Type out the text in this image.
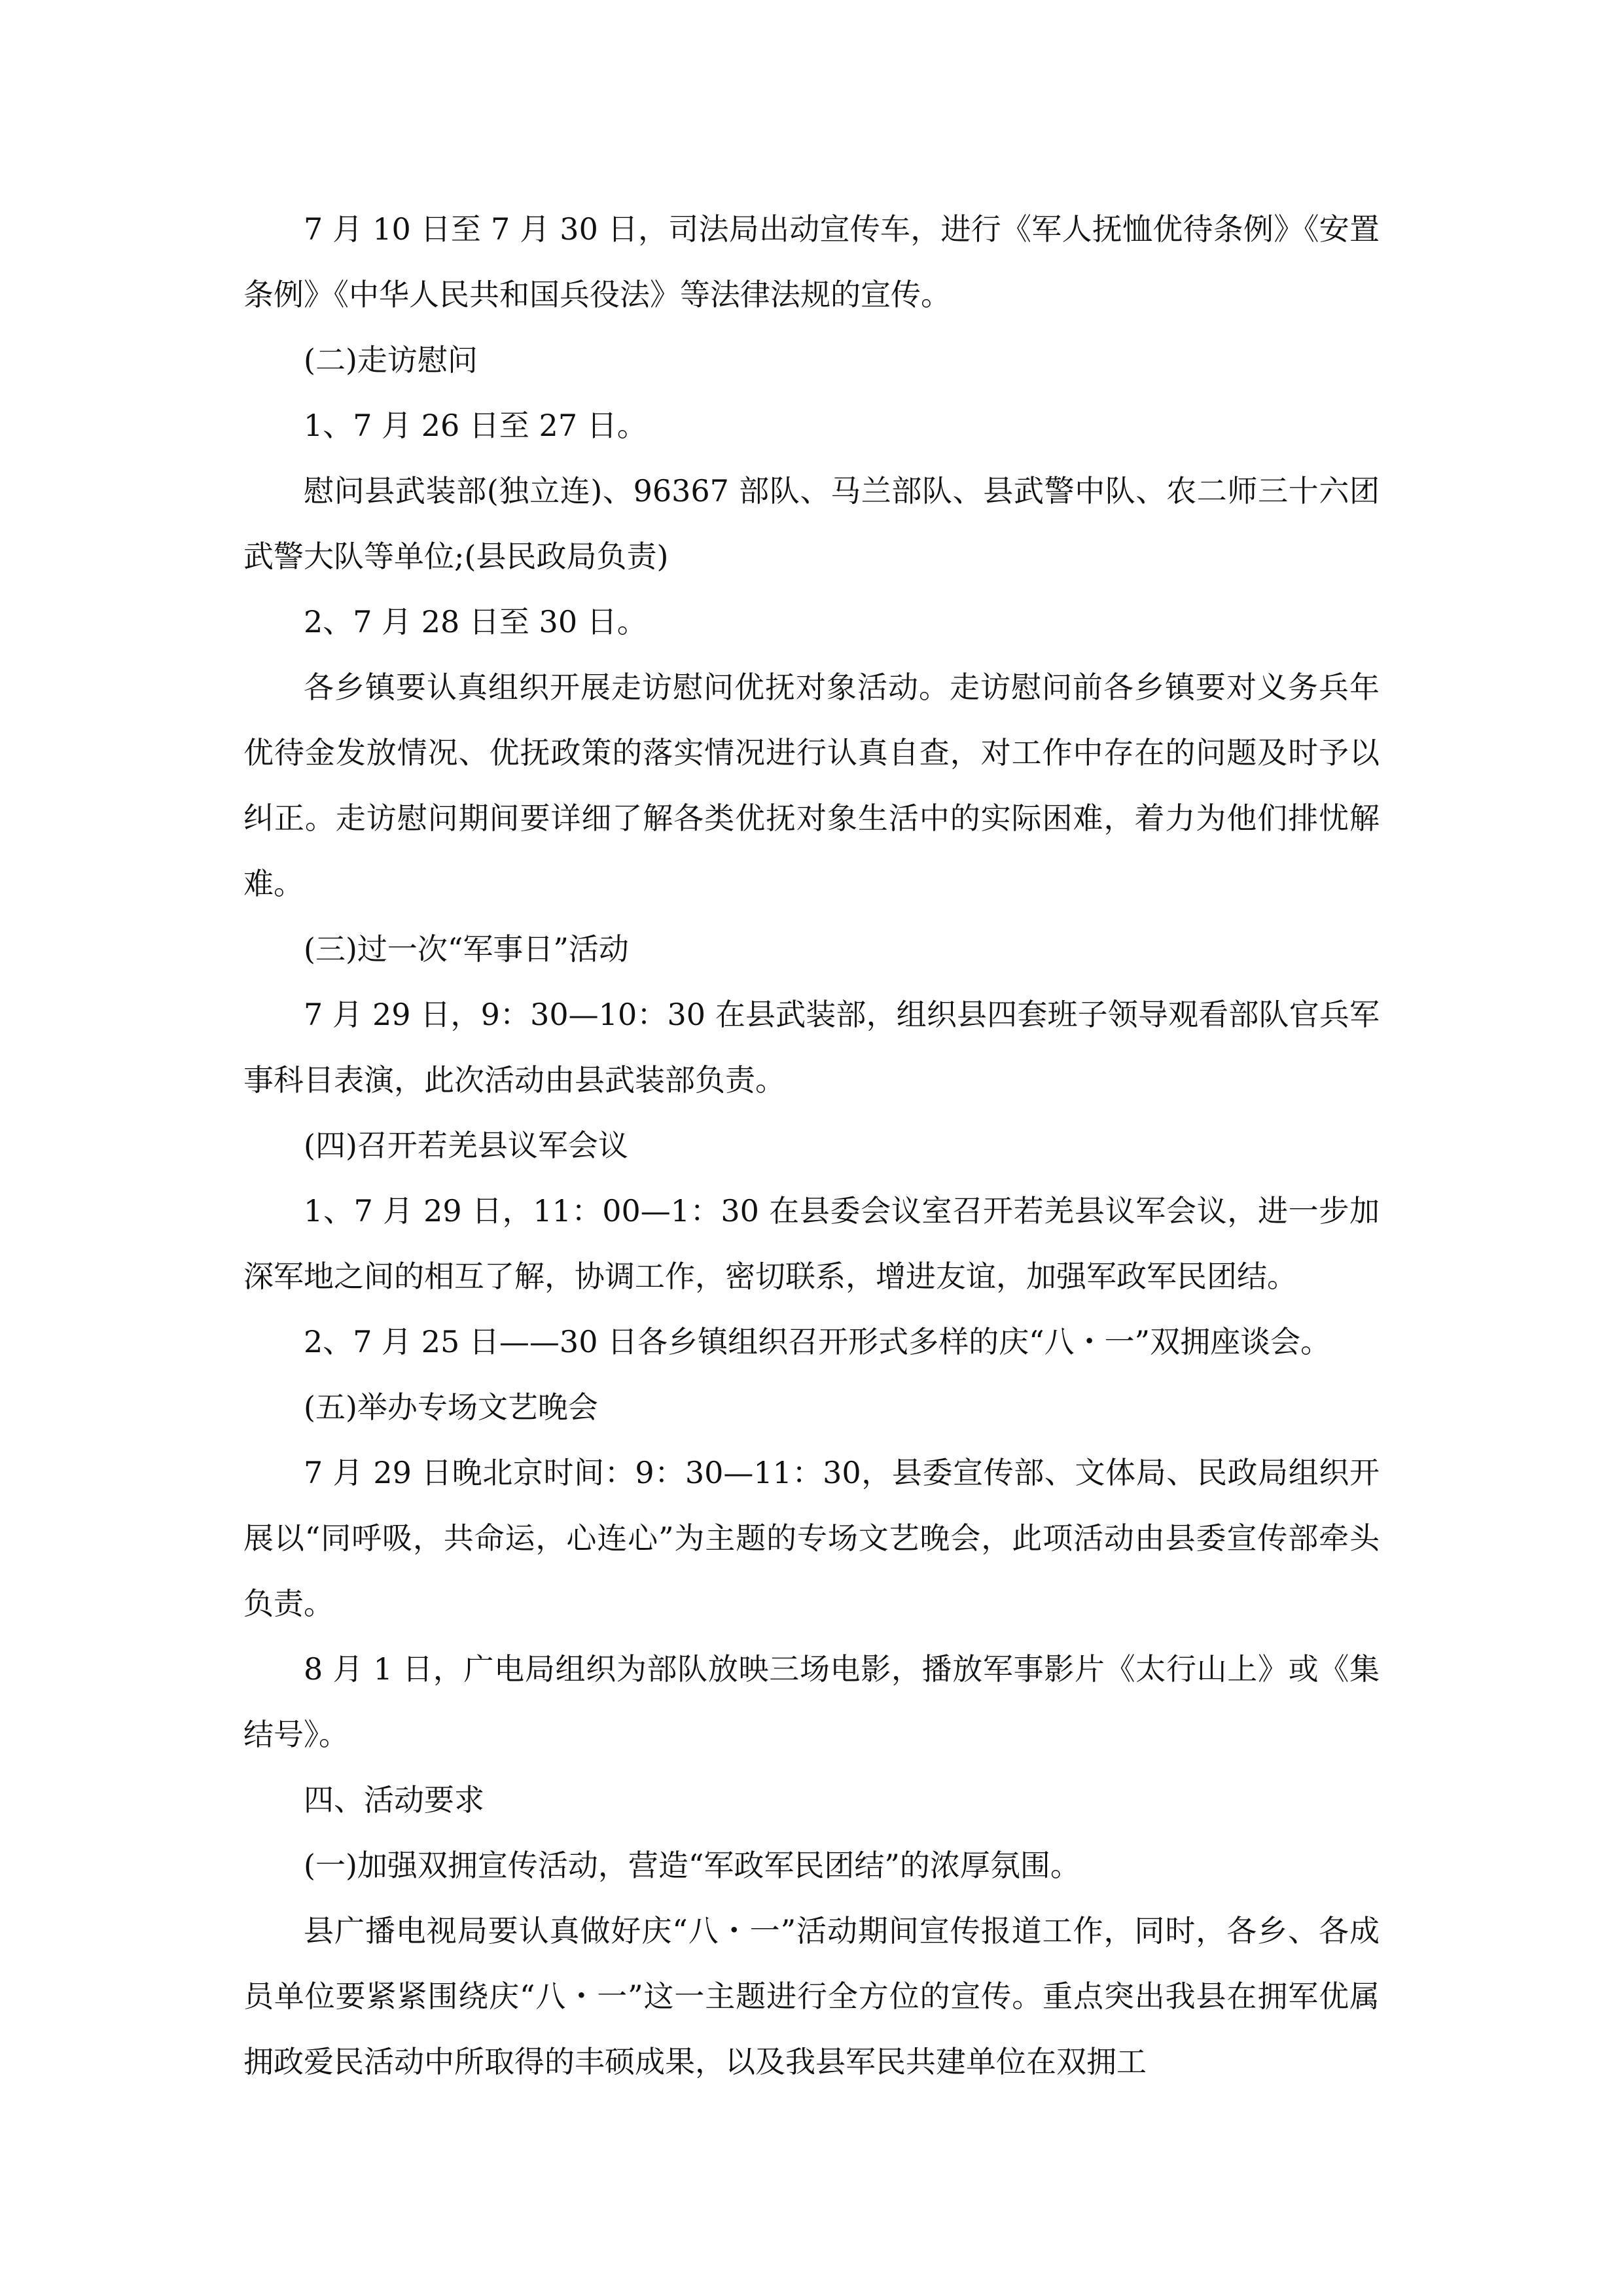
7 月 10 日至 7 月 30 日，司法局出动宣传车，进行《军人抚恤优待条例》《安置条例》《中华人民共和国兵役法》等法律法规的宣传。

(二)走访慰问

1、7 月 26 日至 27 日。

慰问县武装部(独立连)、96367 部队、马兰部队、县武警中队、农二师三十六团武警大队等单位;(县民政局负责)

2、7 月 28 日至 30 日。

各乡镇要认真组织开展走访慰问优抚对象活动。走访慰问前各乡镇要对义务兵年优待金发放情况、优抚政策的落实情况进行认真自查，对工作中存在的问题及时予以纠正。走访慰问期间要详细了解各类优抚对象生活中的实际困难，着力为他们排忧解难。

(三)过一次“军事日”活动

7 月 29 日，9：30—10：30 在县武装部，组织县四套班子领导观看部队官兵军事科目表演，此次活动由县武装部负责。

(四)召开若羌县议军会议

1、7 月 29 日，11：00—1：30 在县委会议室召开若羌县议军会议，进一步加深军地之间的相互了解，协调工作，密切联系，增进友谊，加强军政军民团结。

2、7 月 25 日——30 日各乡镇组织召开形式多样的庆“八・一”双拥座谈会。

(五)举办专场文艺晚会

7 月 29 日晚北京时间：9：30—11：30，县委宣传部、文体局、民政局组织开展以“同呼吸，共命运，心连心”为主题的专场文艺晚会，此项活动由县委宣传部牵头负责。

8 月 1 日，广电局组织为部队放映三场电影，播放军事影片《太行山上》或《集结号》。

四、活动要求

(一)加强双拥宣传活动，营造“军政军民团结”的浓厚氛围。

县广播电视局要认真做好庆“八・一”活动期间宣传报道工作，同时，各乡、各成员单位要紧紧围绕庆“八・一”这一主题进行全方位的宣传。重点突出我县在拥军优属拥政爱民活动中所取得的丰硕成果，以及我县军民共建单位在双拥工
